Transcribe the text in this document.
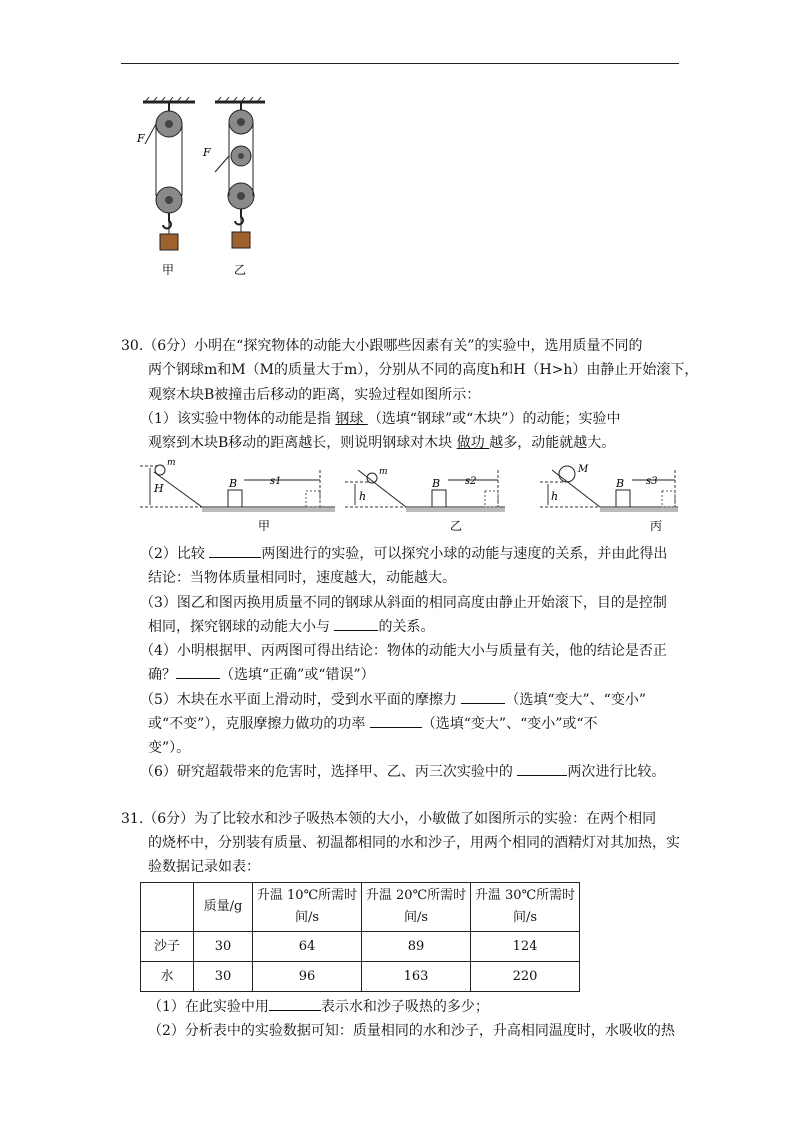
F
甲
F
乙
30.（6分）小明在“探究物体的动能大小跟哪些因素有关”的实验中，选用质量不同的
两个钢球m和M（M的质量大于m），分别从不同的高度h和H（H>h）由静止开始滚下，
观察木块B被撞击后移动的距离，实验过程如图所示：
（1）该实验中物体的动能是指 钢球 （选填“钢球”或“木块”）的动能；实验中
观察到木块B移动的距离越长，则说明钢球对木块 做功 越多，动能就越大。
H
m
B	s1
甲
h
m
B s2
乙
h
M
B s3
丙
（2）比较	两图进行的实验，可以探究小球的动能与速度的关系，并由此得出
结论：当物体质量相同时，速度越大，动能越大。
（3）图乙和图丙换用质量不同的钢球从斜面的相同高度由静止开始滚下，目的是控制
相同，探究钢球的动能大小与	的关系。
（4）小明根据甲、丙两图可得出结论：物体的动能大小与质量有关，他的结论是否正
确？	（选填“正确”或“错误”）
（5）木块在水平面上滑动时，受到水平面的摩擦力	（选填“变大”、“变小”
或“不变”），克服摩擦力做功的功率	（选填“变大”、“变小”或“不
变”）。
（6）研究超载带来的危害时，选择甲、乙、丙三次实验中的	两次进行比较。
31.（6分）为了比较水和沙子吸热本领的大小，小敏做了如图所示的实验：在两个相同
的烧杯中，分别装有质量、初温都相同的水和沙子，用两个相同的酒精灯对其加热，实
验数据记录如表：
	质量/g	升温 10℃所需时
间/s	升温 20℃所需时
间/s	升温 30℃所需时
间/s
沙子	30	64	89	124
水	30	96	163	220
（1）在此实验中用	表示水和沙子吸热的多少；
（2）分析表中的实验数据可知：质量相同的水和沙子，升高相同温度时，水吸收的热
